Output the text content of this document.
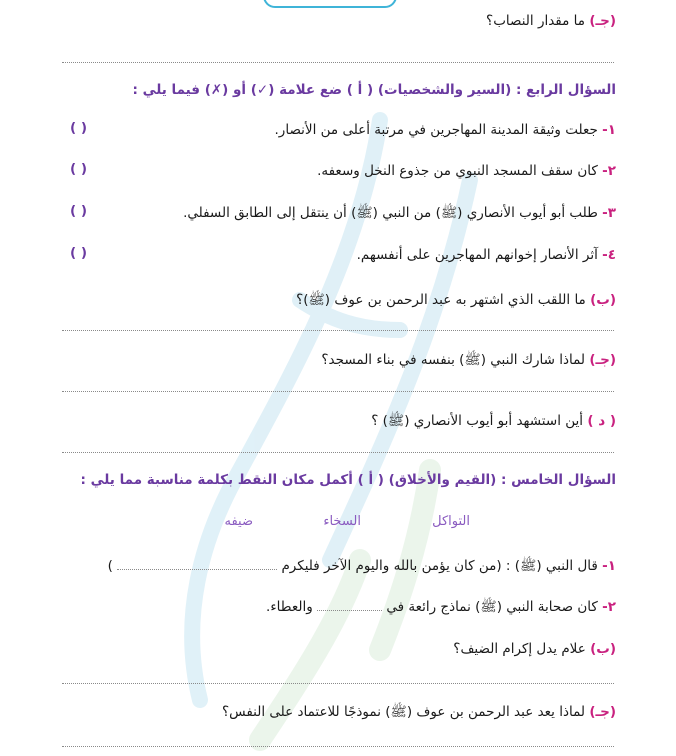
(جـ) ما مقدار النصاب؟
السؤال الرابع : (السير والشخصيات) ( أ ) ضع علامة (✓) أو (✗) فيما يلي :
١- جعلت وثيقة المدينة المهاجرين في مرتبة أعلى من الأنصار.
( )
٢- كان سقف المسجد النبوي من جذوع النخل وسعفه.
( )
٣- طلب أبو أيوب الأنصاري (ﷺ) من النبي (ﷺ) أن ينتقل إلى الطابق السفلي.
( )
٤- آثر الأنصار إخوانهم المهاجرين على أنفسهم.
( )
(ب) ما اللقب الذي اشتهر به عبد الرحمن بن عوف (ﷺ)؟
(جـ) لماذا شارك النبي (ﷺ) بنفسه في بناء المسجد؟
( د ) أين استشهد أبو أيوب الأنصاري (ﷺ) ؟
السؤال الخامس : (القيم والأخلاق) ( أ ) أكمل مكان النقط بكلمة مناسبة مما يلي :
التواكل
السخاء
ضيفه
١- قال النبي (ﷺ) : (من كان يؤمن بالله واليوم الآخر فليكرم  )
٢- كان صحابة النبي (ﷺ) نماذج رائعة في  والعطاء.
(ب) علام يدل إكرام الضيف؟
(جـ) لماذا يعد عبد الرحمن بن عوف (ﷺ) نموذجًا للاعتماد على النفس؟
